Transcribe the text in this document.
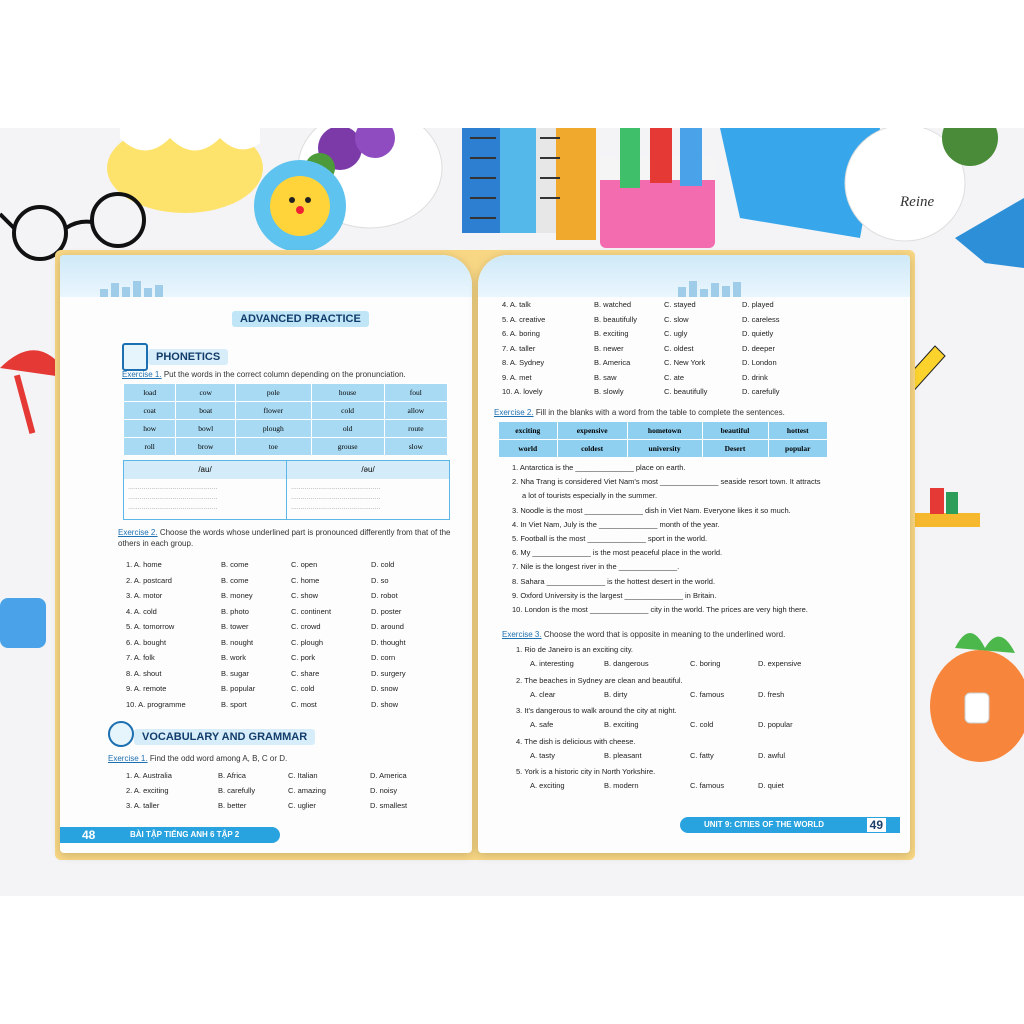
Reine
ADVANCED PRACTICE
PHONETICS
Exercise 1. Put the words in the correct column depending on the pronunciation.
load	cow	pole	house	foul
coat	boat	flower	cold	allow
how	bowl	plough	old	route
roll	brow	toe	grouse	slow
/au/	/əu/
..............................................
..............................................
..............................................
..............................................
..............................................
..............................................
Exercise 2. Choose the words whose underlined part is pronounced differently from that of the others in each group.
1. A. home	B. come	C. open	D. cold
2. A. postcard	B. come	C. home	D. so
3. A. motor	B. money	C. show	D. robot
4. A. cold	B. photo	C. continent	D. poster
5. A. tomorrow	B. tower	C. crowd	D. around
6. A. bought	B. nought	C. plough	D. thought
7. A. folk	B. work	C. pork	D. corn
8. A. shout	B. sugar	C. share	D. surgery
9. A. remote	B. popular	C. cold	D. snow
10. A. programme	B. sport	C. most	D. show
VOCABULARY AND GRAMMAR
Exercise 1. Find the odd word among A, B, C or D.
1. A. Australia	B. Africa	C. Italian	D. America
2. A. exciting	B. carefully	C. amazing	D. noisy
3. A. taller	B. better	C. uglier	D. smallest
48	BÀI TẬP TIẾNG ANH 6 TẬP 2
4. A. talk	B. watched	C. stayed	D. played
5. A. creative	B. beautifully	C. slow	D. careless
6. A. boring	B. exciting	C. ugly	D. quietly
7. A. taller	B. newer	C. oldest	D. deeper
8. A. Sydney	B. America	C. New York	D. London
9. A. met	B. saw	C. ate	D. drink
10. A. lovely	B. slowly	C. beautifully	D. carefully
Exercise 2. Fill in the blanks with a word from the table to complete the sentences.
exciting	expensive	hometown	beautiful	hottest
world	coldest	university	Desert	popular
1. Antarctica is the ______________ place on earth.
2. Nha Trang is considered Viet Nam's most ______________ seaside resort town. It attracts
a lot of tourists especially in the summer.
3. Noodle is the most ______________ dish in Viet Nam. Everyone likes it so much.
4. In Viet Nam, July is the ______________ month of the year.
5. Football is the most ______________ sport in the world.
6. My ______________ is the most peaceful place in the world.
7. Nile is the longest river in the ______________.
8. Sahara ______________ is the hottest desert in the world.
9. Oxford University is the largest ______________ in Britain.
10. London is the most ______________ city in the world. The prices are very high there.
Exercise 3. Choose the word that is opposite in meaning to the underlined word.
1. Rio de Janeiro is an exciting city.
A. interesting	B. dangerous	C. boring	D. expensive
2. The beaches in Sydney are clean and beautiful.
A. clear	B. dirty	C. famous	D. fresh
3. It's dangerous to walk around the city at night.
A. safe	B. exciting	C. cold	D. popular
4. The dish is delicious with cheese.
A. tasty	B. pleasant	C. fatty	D. awful
5. York is a historic city in North Yorkshire.
A. exciting	B. modern	C. famous	D. quiet
UNIT 9: CITIES OF THE WORLD	49
